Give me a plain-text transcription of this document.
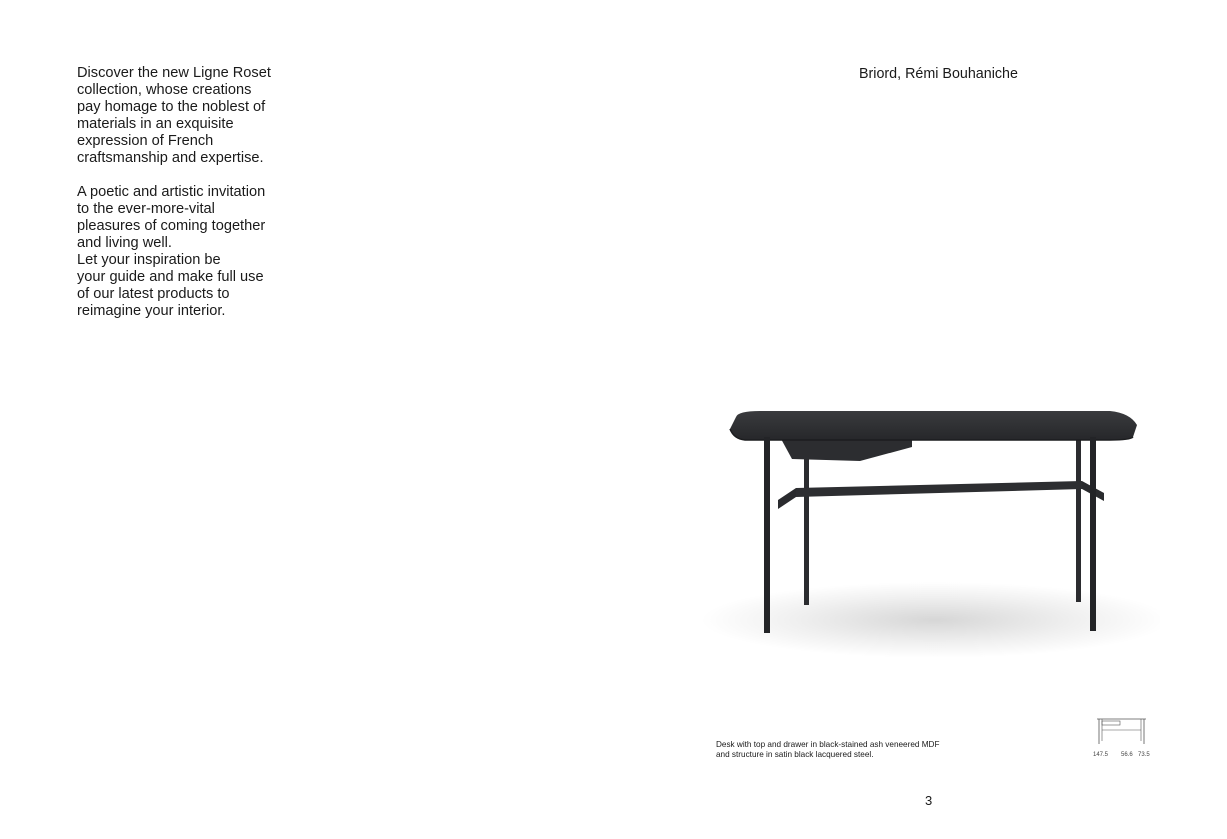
Discover the new Ligne Roset
collection, whose creations
pay homage to the noblest of
materials in an exquisite
expression of French
craftsmanship and expertise.

A poetic and artistic invitation
to the ever-more-vital
pleasures of coming together
and living well.
Let your inspiration be
your guide and make full use
of our latest products to
reimagine your interior.

Briord, Rémi Bouhaniche
Desk with top and drawer in black-stained ash veneered MDF
and structure in satin black lacquered steel.	147.5 56.6 73.5
3
